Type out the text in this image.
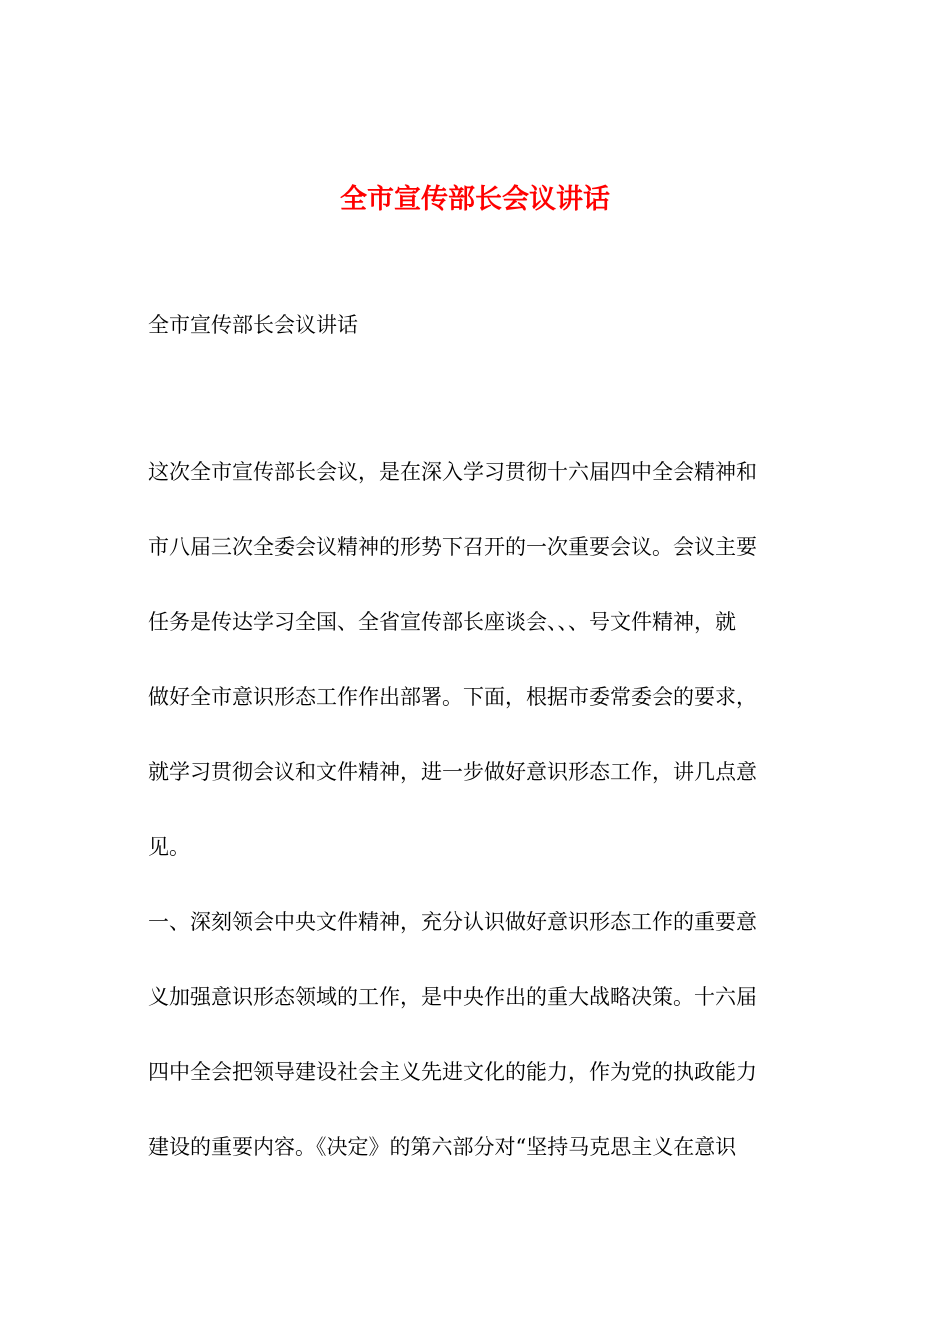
全市宣传部长会议讲话

全市宣传部长会议讲话

这次全市宣传部长会议，是在深入学习贯彻十六届四中全会精神和
市八届三次全委会议精神的形势下召开的一次重要会议。会议主要
任务是传达学习全国、全省宣传部长座谈会、、、号文件精神，就
做好全市意识形态工作作出部署。下面，根据市委常委会的要求，
就学习贯彻会议和文件精神，进一步做好意识形态工作，讲几点意
见。
一、深刻领会中央文件精神，充分认识做好意识形态工作的重要意
义加强意识形态领域的工作，是中央作出的重大战略决策。十六届
四中全会把领导建设社会主义先进文化的能力，作为党的执政能力
建设的重要内容。《决定》的第六部分对“坚持马克思主义在意识
